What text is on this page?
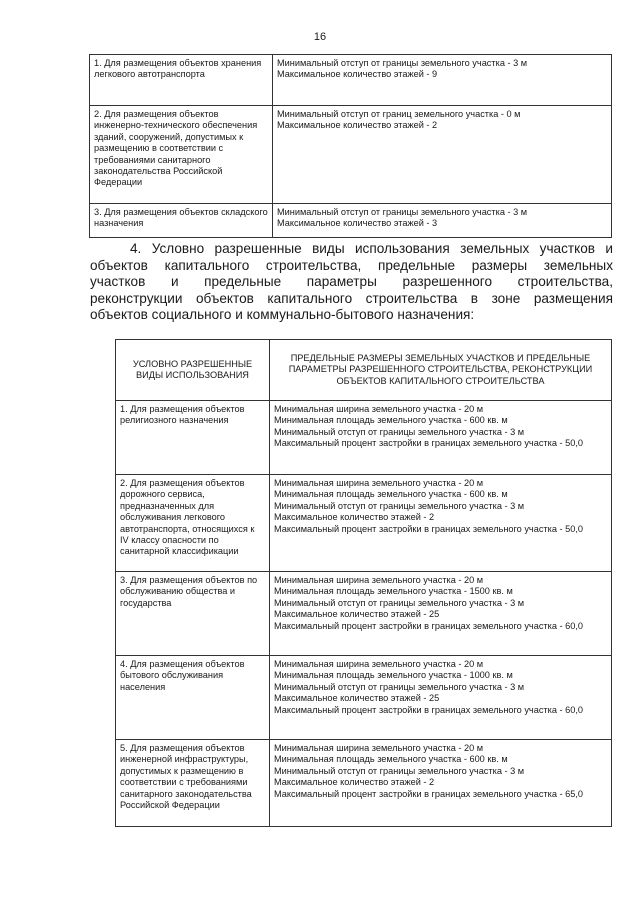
16
1. Для размещения объектов хранения легкового автотранспорта	Минимальный отступ от границы земельного участка - 3 м
Максимальное количество этажей - 9

2. Для размещения объектов инженерно-технического обеспечения зданий, сооружений, допустимых к размещению в соответствии с требованиями санитарного законодательства Российской Федерации	Минимальный отступ от границ земельного участка - 0 м
Максимальное количество этажей - 2

3. Для размещения объектов складского назначения	Минимальный отступ от границы земельного участка - 3 м
Максимальное количество этажей - 3
4. Условно разрешенные виды использования земельных участков и
объектов капитального строительства, предельные размеры земельных
участков и предельные параметры разрешенного строительства,
реконструкции объектов капитального строительства в зоне размещения
объектов социального и коммунально-бытового назначения:
УСЛОВНО РАЗРЕШЕННЫЕ ВИДЫ ИСПОЛЬЗОВАНИЯ	ПРЕДЕЛЬНЫЕ РАЗМЕРЫ ЗЕМЕЛЬНЫХ УЧАСТКОВ И ПРЕДЕЛЬНЫЕ ПАРАМЕТРЫ РАЗРЕШЕННОГО СТРОИТЕЛЬСТВА, РЕКОНСТРУКЦИИ ОБЪЕКТОВ КАПИТАЛЬНОГО СТРОИТЕЛЬСТВА
1. Для размещения объектов религиозного назначения	Минимальная ширина земельного участка - 20 м
Минимальная площадь земельного участка - 600 кв. м
Минимальный отступ от границы земельного участка - 3 м
Максимальный процент застройки в границах земельного участка - 50,0

2. Для размещения объектов дорожного сервиса, предназначенных для обслуживания легкового автотранспорта, относящихся к IV классу опасности по санитарной классификации	Минимальная ширина земельного участка - 20 м
Минимальная площадь земельного участка - 600 кв. м
Минимальный отступ от границы земельного участка - 3 м
Максимальное количество этажей - 2
Максимальный процент застройки в границах земельного участка - 50,0

3. Для размещения объектов по обслуживанию общества и государства	Минимальная ширина земельного участка - 20 м
Минимальная площадь земельного участка - 1500 кв. м
Минимальный отступ от границы земельного участка - 3 м
Максимальное количество этажей - 25
Максимальный процент застройки в границах земельного участка - 60,0

4. Для размещения объектов бытового обслуживания населения	Минимальная ширина земельного участка - 20 м
Минимальная площадь земельного участка - 1000 кв. м
Минимальный отступ от границы земельного участка - 3 м
Максимальное количество этажей - 25
Максимальный процент застройки в границах земельного участка - 60,0

5. Для размещения объектов инженерной инфраструктуры, допустимых к размещению в соответствии с требованиями санитарного законодательства Российской Федерации	Минимальная ширина земельного участка - 20 м
Минимальная площадь земельного участка - 600 кв. м
Минимальный отступ от границы земельного участка - 3 м
Максимальное количество этажей - 2
Максимальный процент застройки в границах земельного участка - 65,0
